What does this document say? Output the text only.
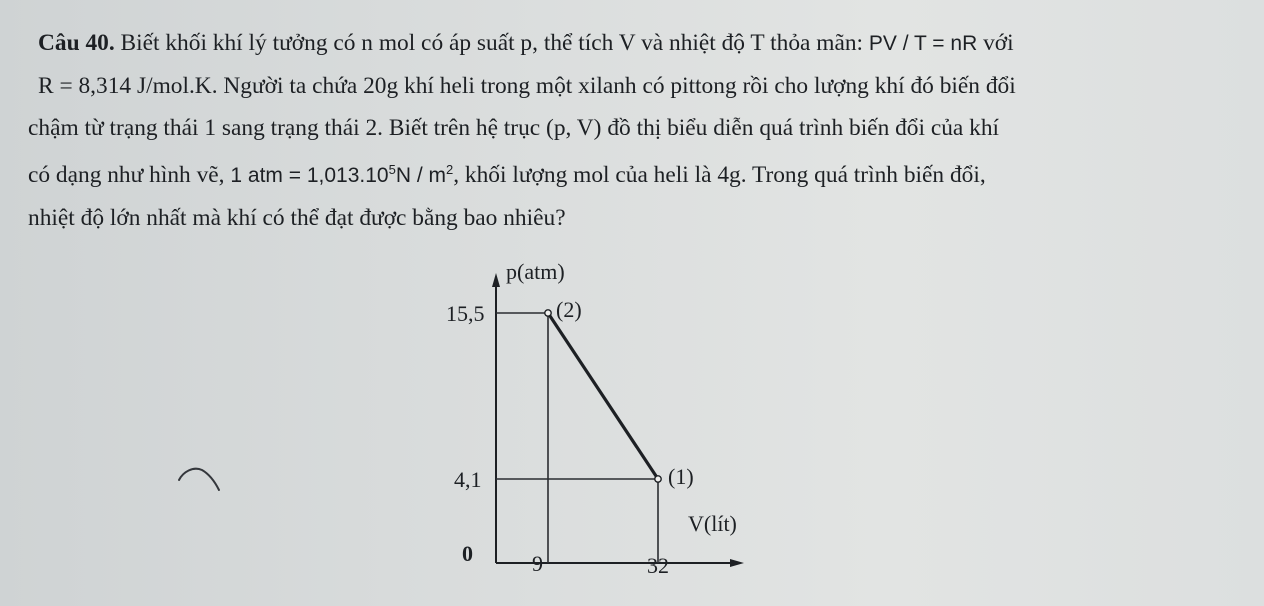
Câu 40. Biết khối khí lý tưởng có n mol có áp suất p, thể tích V và nhiệt độ T thỏa mãn: PV / T = nR với
R = 8,314 J/mol.K. Người ta chứa 20g khí heli trong một xilanh có pittong rồi cho lượng khí đó biến đổi
chậm từ trạng thái 1 sang trạng thái 2. Biết trên hệ trục (p, V) đồ thị biểu diễn quá trình biến đổi của khí
có dạng như hình vẽ, 1 atm = $1,013.10^5N / m^2$, khối lượng mol của heli là 4g. Trong quá trình biến đổi,
nhiệt độ lớn nhất mà khí có thể đạt được bằng bao nhiêu?
p(atm)
V(lít)
15,5
4,1
0	9	32
(2)
(1)
